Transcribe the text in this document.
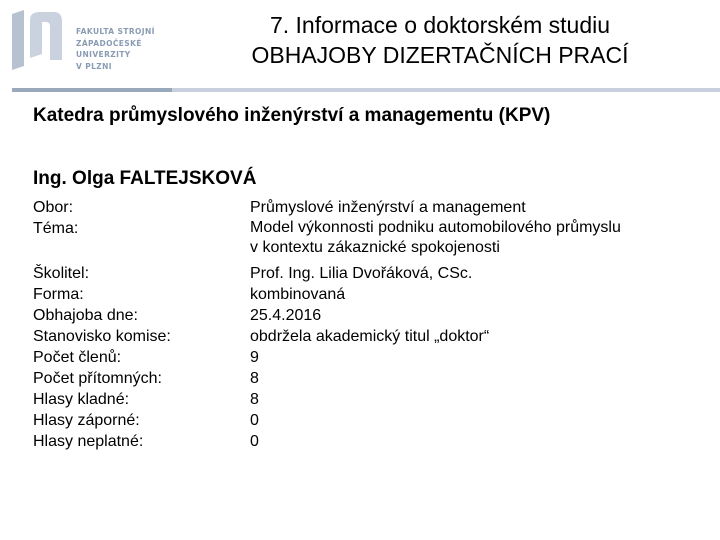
FAKULTA STROJNÍ
ZÁPADOČESKÉ
UNIVERZITY
V PLZNI
7. Informace o doktorském studiu
OBHAJOBY DIZERTAČNÍCH PRACÍ
Katedra průmyslového inženýrství a managementu (KPV)
Ing. Olga FALTEJSKOVÁ
Obor:	Průmyslové inženýrství a management
Téma:	Model výkonnosti podniku automobilového průmyslu
v kontextu zákaznické spokojenosti
Školitel:	Prof. Ing. Lilia Dvořáková, CSc.
Forma:	kombinovaná
Obhajoba dne:	25.4.2016
Stanovisko komise:	obdržela akademický titul „doktor“
Počet členů:	9
Počet přítomných:	8
Hlasy kladné:	8
Hlasy záporné:	0
Hlasy neplatné:	0
